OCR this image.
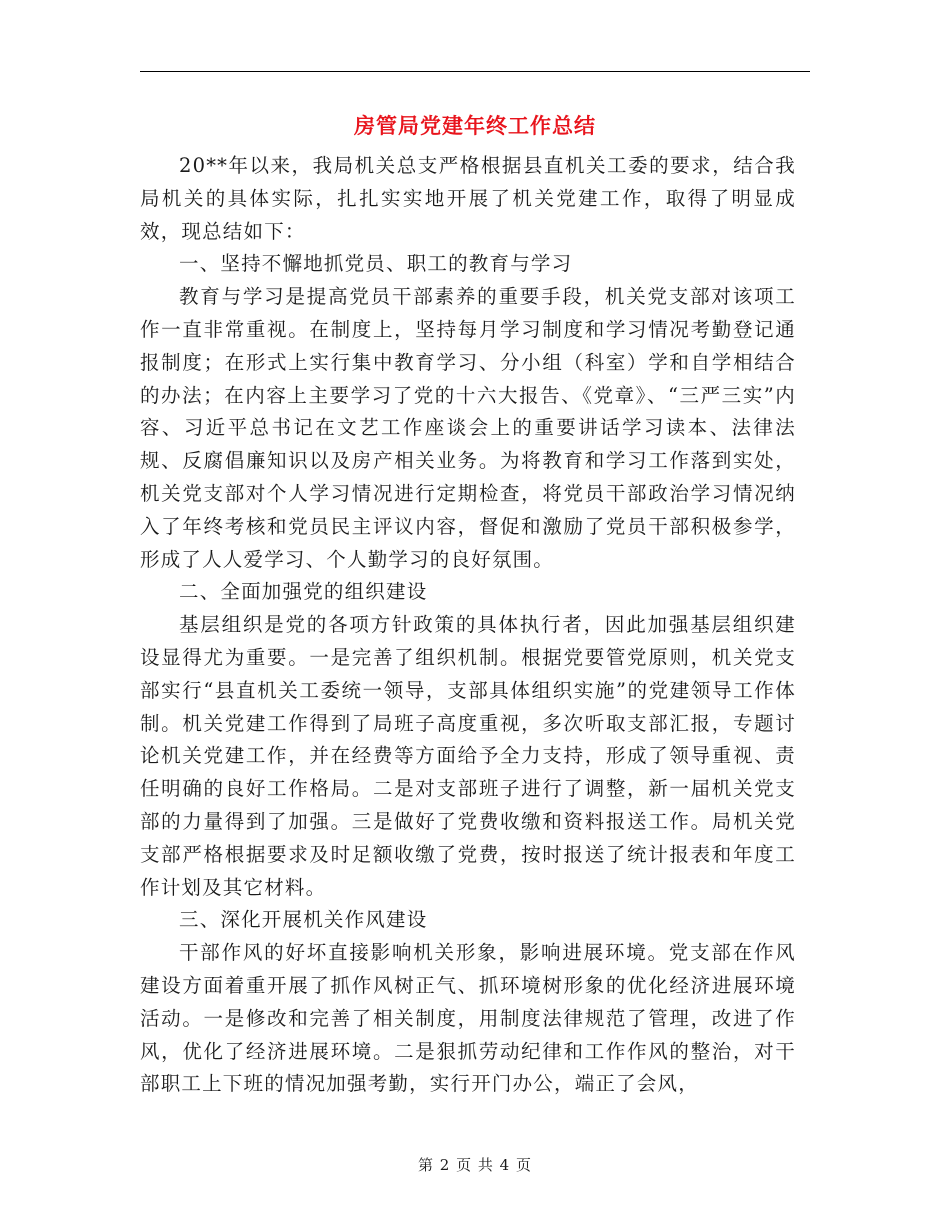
房管局党建年终工作总结

20**年以来，我局机关总支严格根据县直机关工委的要求，结合我局机关的具体实际，扎扎实实地开展了机关党建工作，取得了明显成效，现总结如下：

一、坚持不懈地抓党员、职工的教育与学习

教育与学习是提高党员干部素养的重要手段，机关党支部对该项工作一直非常重视。在制度上，坚持每月学习制度和学习情况考勤登记通报制度；在形式上实行集中教育学习、分小组（科室）学和自学相结合的办法；在内容上主要学习了党的十六大报告、《党章》、“三严三实”内容、习近平总书记在文艺工作座谈会上的重要讲话学习读本、法律法规、反腐倡廉知识以及房产相关业务。为将教育和学习工作落到实处，机关党支部对个人学习情况进行定期检查，将党员干部政治学习情况纳入了年终考核和党员民主评议内容，督促和激励了党员干部积极参学，形成了人人爱学习、个人勤学习的良好氛围。

二、全面加强党的组织建设

基层组织是党的各项方针政策的具体执行者，因此加强基层组织建设显得尤为重要。一是完善了组织机制。根据党要管党原则，机关党支部实行“县直机关工委统一领导，支部具体组织实施”的党建领导工作体制。机关党建工作得到了局班子高度重视，多次听取支部汇报，专题讨论机关党建工作，并在经费等方面给予全力支持，形成了领导重视、责任明确的良好工作格局。二是对支部班子进行了调整，新一届机关党支部的力量得到了加强。三是做好了党费收缴和资料报送工作。局机关党支部严格根据要求及时足额收缴了党费，按时报送了统计报表和年度工作计划及其它材料。

三、深化开展机关作风建设

干部作风的好坏直接影响机关形象，影响进展环境。党支部在作风建设方面着重开展了抓作风树正气、抓环境树形象的优化经济进展环境活动。一是修改和完善了相关制度，用制度法律规范了管理，改进了作风，优化了经济进展环境。二是狠抓劳动纪律和工作作风的整治，对干部职工上下班的情况加强考勤，实行开门办公，端正了会风，

第 2 页 共 4 页
